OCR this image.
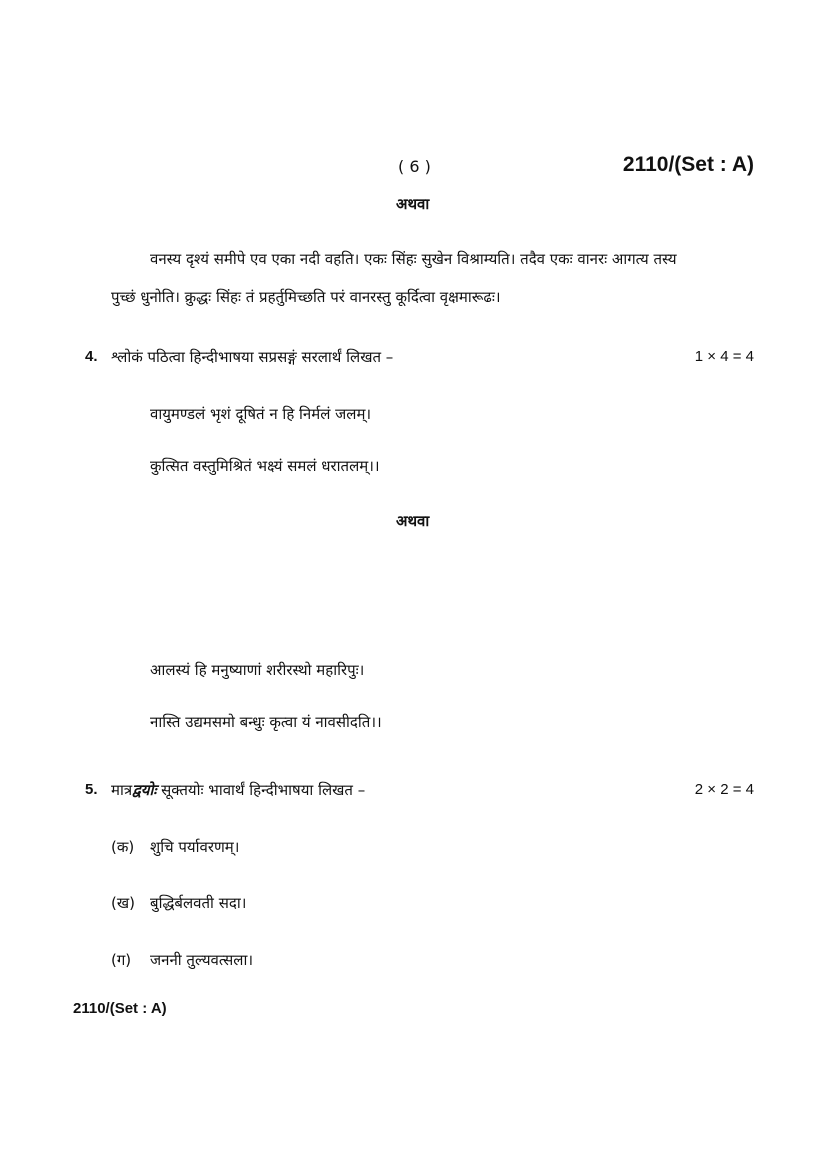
( 6 )	2110/(Set : A)
अथवा
वनस्य दृश्यं समीपे एव एका नदी वहति। एकः सिंहः सुखेन विश्राम्यति। तदैव एकः वानरः आगत्य तस्य
पुच्छं धुनोति। क्रुद्धः सिंहः तं प्रहर्तुमिच्छति परं वानरस्तु कूर्दित्वा वृक्षमारूढः।
4. श्लोकं पठित्वा हिन्दीभाषया सप्रसङ्गं सरलार्थं लिखत –	1 × 4 = 4
वायुमण्डलं भृशं दूषितं न हि निर्मलं जलम्।
कुत्सित वस्तुमिश्रितं भक्ष्यं समलं धरातलम्।।
अथवा
आलस्यं हि मनुष्याणां शरीरस्थो महारिपुः।
नास्ति उद्यमसमो बन्धुः कृत्वा यं नावसीदति।।
5. मात्रद्वयोः सूक्तयोः भावार्थं हिन्दीभाषया लिखत –	2 × 2 = 4
(क) शुचि पर्यावरणम्।
(ख) बुद्धिर्बलवती सदा।
(ग) जननी तुल्यवत्सला।
2110/(Set : A)
